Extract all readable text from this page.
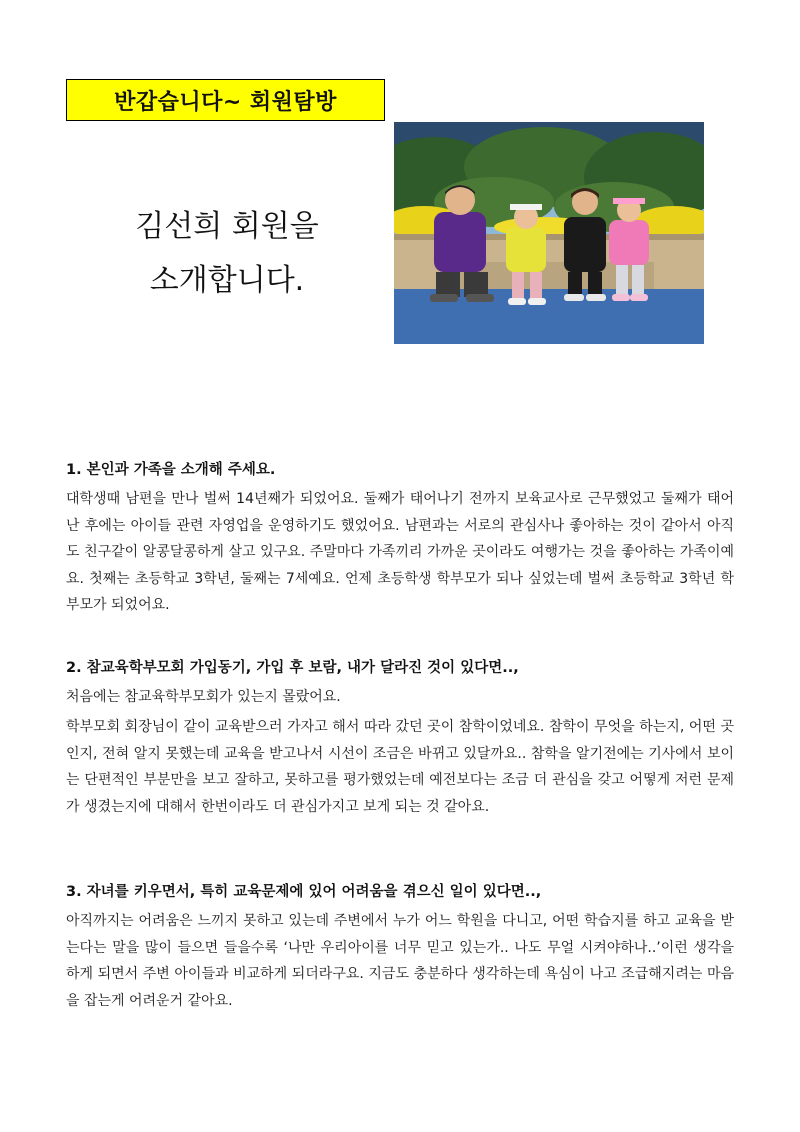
반갑습니다~ 회원탐방
김선희 회원을
소개합니다.
1. 본인과 가족을 소개해 주세요.
대학생때 남편을 만나 벌써 14년째가 되었어요. 둘째가 태어나기 전까지 보육교사로 근무했었고 둘째가 태어난 후에는 아이들 관련 자영업을 운영하기도 했었어요. 남편과는 서로의 관심사나 좋아하는 것이 같아서 아직도 친구같이 알콩달콩하게 살고 있구요. 주말마다 가족끼리 가까운 곳이라도 여행가는 것을 좋아하는 가족이예요. 첫째는 초등학교 3학년, 둘째는 7세예요. 언제 초등학생 학부모가 되나 싶었는데 벌써 초등학교 3학년 학부모가 되었어요.
2. 참교육학부모회 가입동기, 가입 후 보람, 내가 달라진 것이 있다면..,
처음에는 참교육학부모회가 있는지 몰랐어요.
학부모회 회장님이 같이 교육받으러 가자고 해서 따라 갔던 곳이 참학이었네요. 참학이 무엇을 하는지, 어떤 곳인지, 전혀 알지 못했는데 교육을 받고나서 시선이 조금은 바뀌고 있달까요.. 참학을 알기전에는 기사에서 보이는 단편적인 부분만을 보고 잘하고, 못하고를 평가했었는데 예전보다는 조금 더 관심을 갖고 어떻게 저런 문제가 생겼는지에 대해서 한번이라도 더 관심가지고 보게 되는 것 같아요.
3. 자녀를 키우면서, 특히 교육문제에 있어 어려움을 겪으신 일이 있다면..,
아직까지는 어려움은 느끼지 못하고 있는데 주변에서 누가 어느 학원을 다니고, 어떤 학습지를 하고 교육을 받는다는 말을 많이 들으면 들을수록 ‘나만 우리아이를 너무 믿고 있는가.. 나도 무얼 시켜야하나..’이런 생각을 하게 되면서 주변 아이들과 비교하게 되더라구요. 지금도 충분하다 생각하는데 욕심이 나고 조급해지려는 마음을 잡는게 어려운거 같아요.
